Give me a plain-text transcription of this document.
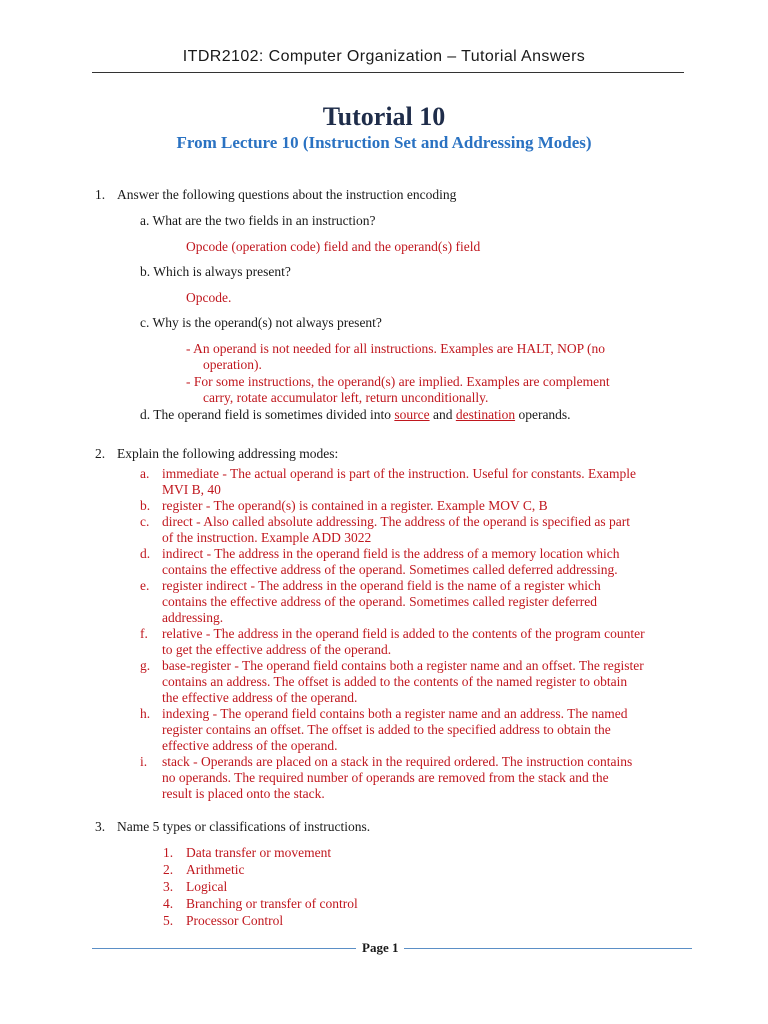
ITDR2102: Computer Organization – Tutorial Answers
Tutorial 10
From Lecture 10 (Instruction Set and Addressing Modes)
1. Answer the following questions about the instruction encoding
a. What are the two fields in an instruction?
Opcode (operation code) field and the operand(s) field
b. Which is always present?
Opcode.
c. Why is the operand(s) not always present?
- An operand is not needed for all instructions. Examples are HALT, NOP (no
operation).
- For some instructions, the operand(s) are implied. Examples are complement
carry, rotate accumulator left, return unconditionally.
d. The operand field is sometimes divided into source and destination operands.
2. Explain the following addressing modes:
a. immediate - The actual operand is part of the instruction. Useful for constants. Example
MVI B, 40
b. register - The operand(s) is contained in a register. Example MOV C, B
c. direct - Also called absolute addressing. The address of the operand is specified as part
of the instruction. Example ADD 3022
d. indirect - The address in the operand field is the address of a memory location which
contains the effective address of the operand. Sometimes called deferred addressing.
e. register indirect - The address in the operand field is the name of a register which
contains the effective address of the operand. Sometimes called register deferred
addressing.
f. relative - The address in the operand field is added to the contents of the program counter
to get the effective address of the operand.
g. base-register - The operand field contains both a register name and an offset. The register
contains an address. The offset is added to the contents of the named register to obtain
the effective address of the operand.
h. indexing - The operand field contains both a register name and an address. The named
register contains an offset. The offset is added to the specified address to obtain the
effective address of the operand.
i. stack - Operands are placed on a stack in the required ordered. The instruction contains
no operands. The required number of operands are removed from the stack and the
result is placed onto the stack.
3. Name 5 types or classifications of instructions.
1. Data transfer or movement
2. Arithmetic
3. Logical
4. Branching or transfer of control
5. Processor Control
Page 1
